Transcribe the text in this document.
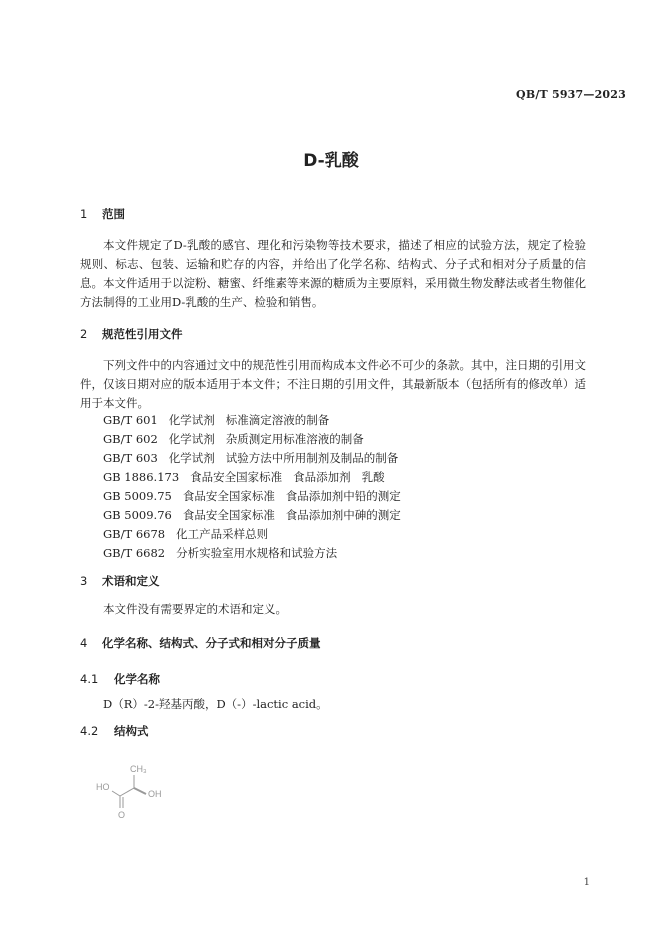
QB/T 5937—2023
D-乳酸
1 范围
本文件规定了D-乳酸的感官、理化和污染物等技术要求，描述了相应的试验方法，规定了检验规则、标志、包装、运输和贮存的内容，并给出了化学名称、结构式、分子式和相对分子质量的信息。 本文件适用于以淀粉、糖蜜、纤维素等来源的糖质为主要原料，采用微生物发酵法或者生物催化方法制得的工业用D-乳酸的生产、检验和销售。
2 规范性引用文件
下列文件中的内容通过文中的规范性引用而构成本文件必不可少的条款。其中，注日期的引用文件，仅该日期对应的版本适用于本文件；不注日期的引用文件，其最新版本（包括所有的修改单）适用于本文件。
GB/T 601   化学试剂   标准滴定溶液的制备
GB/T 602   化学试剂   杂质测定用标准溶液的制备
GB/T 603   化学试剂   试验方法中所用制剂及制品的制备
GB 1886.173   食品安全国家标准   食品添加剂   乳酸
GB 5009.75   食品安全国家标准   食品添加剂中铅的测定
GB 5009.76   食品安全国家标准   食品添加剂中砷的测定
GB/T 6678   化工产品采样总则
GB/T 6682   分析实验室用水规格和试验方法
3 术语和定义
本文件没有需要界定的术语和定义。
4 化学名称、结构式、分子式和相对分子质量
4.1 化学名称
D（R）-2-羟基丙酸，D（-）-lactic acid。
4.2 结构式
CH₃
HO
OH
O
1
